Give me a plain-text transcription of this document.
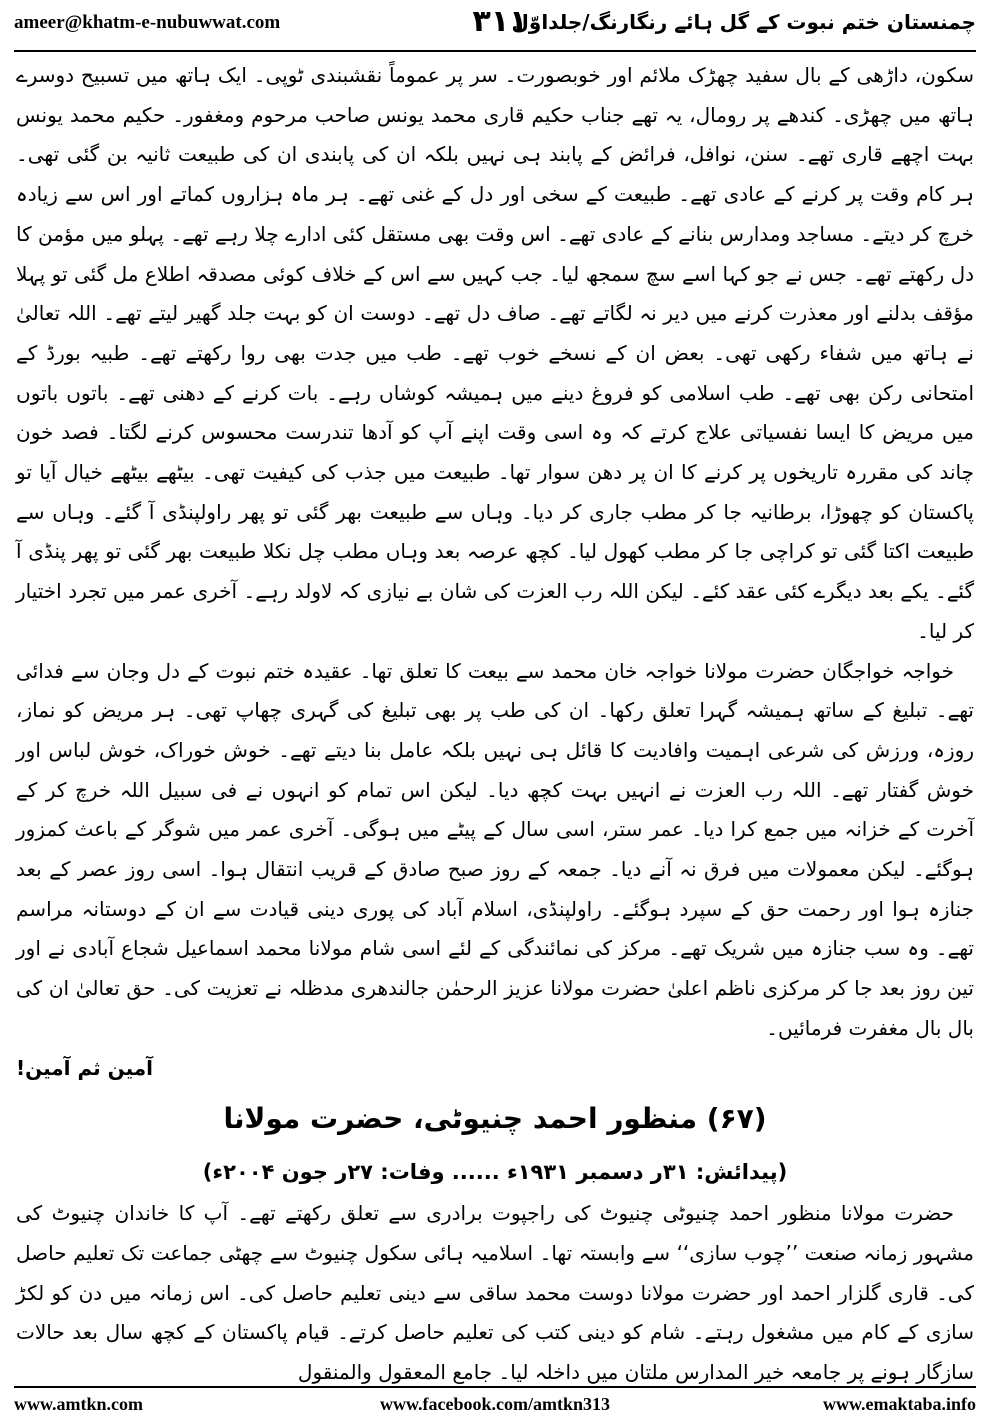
ameer@khatm-e-nubuwwat.com	۳۱۱
چمنستان ختم نبوت کے گل ہائے رنگارنگ/جلداوّل

سکون، داڑھی کے بال سفید چھڑک ملائم اور خوبصورت۔ سر پر عموماً نقشبندی ٹوپی۔ ایک ہاتھ میں تسبیح دوسرے ہاتھ میں چھڑی۔ کندھے پر رومال، یہ تھے جناب حکیم قاری محمد یونس صاحب مرحوم ومغفور۔ حکیم محمد یونس بہت اچھے قاری تھے۔ سنن، نوافل، فرائض کے پابند ہی نہیں بلکہ ان کی پابندی ان کی طبیعت ثانیہ بن گئی تھی۔ ہر کام وقت پر کرنے کے عادی تھے۔ طبیعت کے سخی اور دل کے غنی تھے۔ ہر ماہ ہزاروں کماتے اور اس سے زیادہ خرچ کر دیتے۔ مساجد ومدارس بنانے کے عادی تھے۔ اس وقت بھی مستقل کئی ادارے چلا رہے تھے۔ پہلو میں مؤمن کا دل رکھتے تھے۔ جس نے جو کہا اسے سچ سمجھ لیا۔ جب کہیں سے اس کے خلاف کوئی مصدقہ اطلاع مل گئی تو پہلا مؤقف بدلنے اور معذرت کرنے میں دیر نہ لگاتے تھے۔ صاف دل تھے۔ دوست ان کو بہت جلد گھیر لیتے تھے۔ اللہ تعالیٰ نے ہاتھ میں شفاء رکھی تھی۔ بعض ان کے نسخے خوب تھے۔ طب میں جدت بھی روا رکھتے تھے۔ طبیہ بورڈ کے امتحانی رکن بھی تھے۔ طب اسلامی کو فروغ دینے میں ہمیشہ کوشاں رہے۔ بات کرنے کے دھنی تھے۔ باتوں باتوں میں مریض کا ایسا نفسیاتی علاج کرتے کہ وہ اسی وقت اپنے آپ کو آدھا تندرست محسوس کرنے لگتا۔ فصد خون چاند کی مقررہ تاریخوں پر کرنے کا ان پر دھن سوار تھا۔ طبیعت میں جذب کی کیفیت تھی۔ بیٹھے بیٹھے خیال آیا تو پاکستان کو چھوڑا، برطانیہ جا کر مطب جاری کر دیا۔ وہاں سے طبیعت بھر گئی تو پھر راولپنڈی آ گئے۔ وہاں سے طبیعت اکتا گئی تو کراچی جا کر مطب کھول لیا۔ کچھ عرصہ بعد وہاں مطب چل نکلا طبیعت بھر گئی تو پھر پنڈی آ گئے۔ یکے بعد دیگرے کئی عقد کئے۔ لیکن اللہ رب العزت کی شان بے نیازی کہ لاولد رہے۔ آخری عمر میں تجرد اختیار کر لیا۔

خواجہ خواجگان حضرت مولانا خواجہ خان محمد سے بیعت کا تعلق تھا۔ عقیدہ ختم نبوت کے دل وجان سے فدائی تھے۔ تبلیغ کے ساتھ ہمیشہ گہرا تعلق رکھا۔ ان کی طب پر بھی تبلیغ کی گہری چھاپ تھی۔ ہر مریض کو نماز، روزہ، ورزش کی شرعی اہمیت وافادیت کا قائل ہی نہیں بلکہ عامل بنا دیتے تھے۔ خوش خوراک، خوش لباس اور خوش گفتار تھے۔ اللہ رب العزت نے انہیں بہت کچھ دیا۔ لیکن اس تمام کو انہوں نے فی سبیل اللہ خرچ کر کے آخرت کے خزانہ میں جمع کرا دیا۔ عمر ستر، اسی سال کے پیٹے میں ہوگی۔ آخری عمر میں شوگر کے باعث کمزور ہوگئے۔ لیکن معمولات میں فرق نہ آنے دیا۔ جمعہ کے روز صبح صادق کے قریب انتقال ہوا۔ اسی روز عصر کے بعد جنازہ ہوا اور رحمت حق کے سپرد ہوگئے۔ راولپنڈی، اسلام آباد کی پوری دینی قیادت سے ان کے دوستانہ مراسم تھے۔ وہ سب جنازہ میں شریک تھے۔ مرکز کی نمائندگی کے لئے اسی شام مولانا محمد اسماعیل شجاع آبادی نے اور تین روز بعد جا کر مرکزی ناظم اعلیٰ حضرت مولانا عزیز الرحمٰن جالندھری مدظلہ نے تعزیت کی۔ حق تعالیٰ ان کی بال بال مغفرت فرمائیں۔

آمین ثم آمین!

(۶۷) منظور احمد چنیوٹی، حضرت مولانا

(پیدائش: ۳۱ر دسمبر ۱۹۳۱ء ...... وفات: ۲۷ر جون ۲۰۰۴ء)

حضرت مولانا منظور احمد چنیوٹی چنیوٹ کی راجپوت برادری سے تعلق رکھتے تھے۔ آپ کا خاندان چنیوٹ کی مشہور زمانہ صنعت ’’چوب سازی‘‘ سے وابستہ تھا۔ اسلامیہ ہائی سکول چنیوٹ سے چھٹی جماعت تک تعلیم حاصل کی۔ قاری گلزار احمد اور حضرت مولانا دوست محمد ساقی سے دینی تعلیم حاصل کی۔ اس زمانہ میں دن کو لکڑ سازی کے کام میں مشغول رہتے۔ شام کو دینی کتب کی تعلیم حاصل کرتے۔ قیام پاکستان کے کچھ سال بعد حالات سازگار ہونے پر جامعہ خیر المدارس ملتان میں داخلہ لیا۔ جامع المعقول والمنقول

www.amtkn.com	www.facebook.com/amtkn313	www.emaktaba.info
